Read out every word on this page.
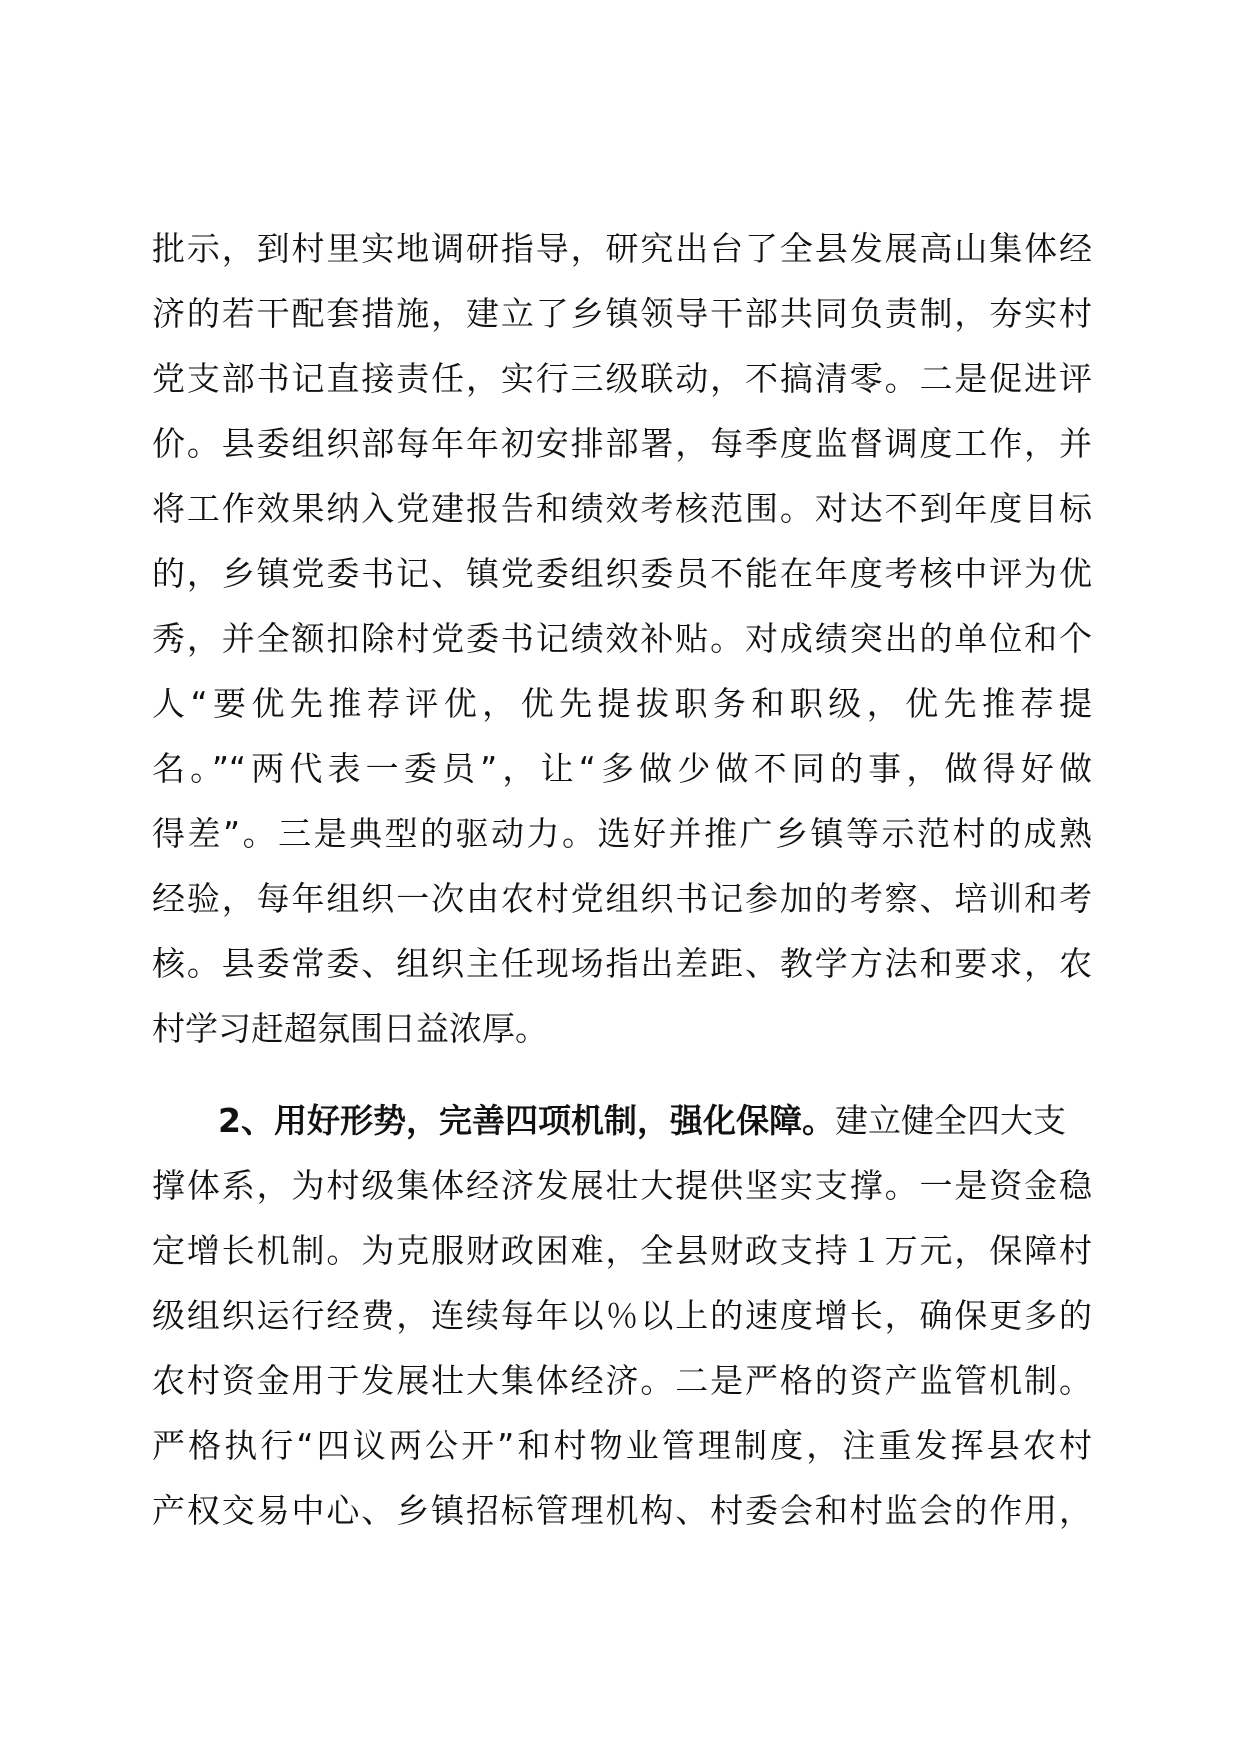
批示，到村里实地调研指导，研究出台了全县发展高山集体经
济的若干配套措施，建立了乡镇领导干部共同负责制，夯实村
党支部书记直接责任，实行三级联动，不搞清零。二是促进评
价。县委组织部每年年初安排部署，每季度监督调度工作，并
将工作效果纳入党建报告和绩效考核范围。对达不到年度目标
的，乡镇党委书记、镇党委组织委员不能在年度考核中评为优
秀，并全额扣除村党委书记绩效补贴。对成绩突出的单位和个
人“要优先推荐评优，优先提拔职务和职级，优先推荐提
名。”“两代表一委员”，让“多做少做不同的事，做得好做
得差”。三是典型的驱动力。选好并推广乡镇等示范村的成熟
经验，每年组织一次由农村党组织书记参加的考察、培训和考
核。县委常委、组织主任现场指出差距、教学方法和要求，农
村学习赶超氛围日益浓厚。
2、用好形势，完善四项机制，强化保障。建立健全四大支
撑体系，为村级集体经济发展壮大提供坚实支撑。一是资金稳
定增长机制。为克服财政困难，全县财政支持１万元，保障村
级组织运行经费，连续每年以％以上的速度增长，确保更多的
农村资金用于发展壮大集体经济。二是严格的资产监管机制。
严格执行“四议两公开”和村物业管理制度，注重发挥县农村
产权交易中心、乡镇招标管理机构、村委会和村监会的作用，
